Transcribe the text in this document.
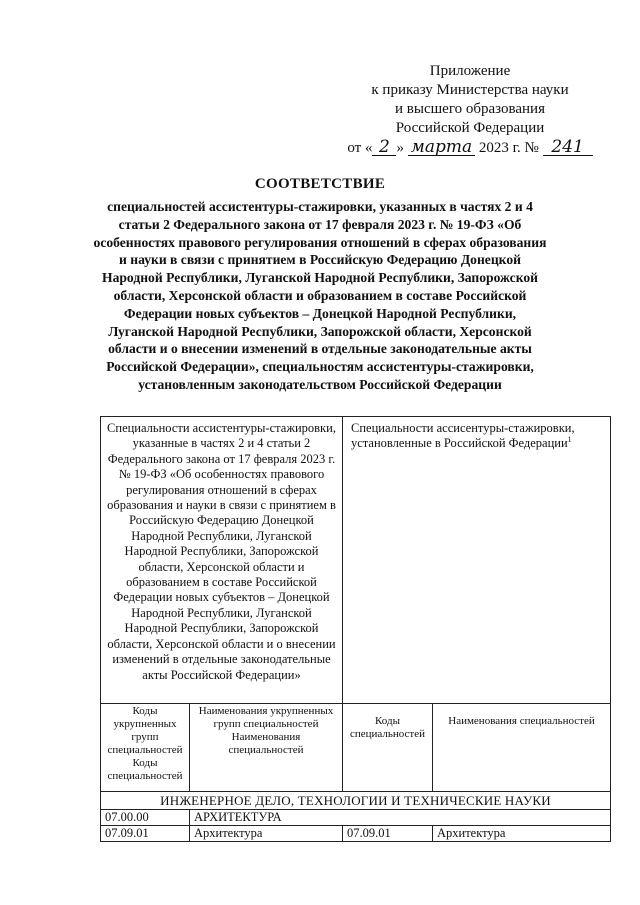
Приложение
к приказу Министерства науки
и высшего образования
Российской Федерации
от « 2 » марта 2023 г. № 241
СООТВЕТСТВИЕ
специальностей ассистентуры-стажировки, указанных в частях 2 и 4 статьи 2 Федерального закона от 17 февраля 2023 г. № 19-ФЗ «Об особенностях правового регулирования отношений в сферах образования и науки в связи с принятием в Российскую Федерацию Донецкой Народной Республики, Луганской Народной Республики, Запорожской области, Херсонской области и образованием в составе Российской Федерации новых субъектов – Донецкой Народной Республики, Луганской Народной Республики, Запорожской области, Херсонской области и о внесении изменений в отдельные законодательные акты Российской Федерации», специальностям ассистентуры-стажировки, установленным законодательством Российской Федерации
Специальности ассистентуры-стажировки, указанные в частях 2 и 4 статьи 2 Федерального закона от 17 февраля 2023 г. № 19-ФЗ «Об особенностях правового регулирования отношений в сферах образования и науки в связи с принятием в Российскую Федерацию Донецкой Народной Республики, Луганской Народной Республики, Запорожской области, Херсонской области и образованием в составе Российской Федерации новых субъектов – Донецкой Народной Республики, Луганской Народной Республики, Запорожской области, Херсонской области и о внесении изменений в отдельные законодательные акты Российской Федерации»		Специальности ассисентуры-стажировки, установленные в Российской Федерации$^1$
Коды укрупненных групп специальностей Коды специальностей	Наименования укрупненных групп специальностей Наименования специальностей	Коды специальностей	Наименования специальностей
ИНЖЕНЕРНОЕ ДЕЛО, ТЕХНОЛОГИИ И ТЕХНИЧЕСКИЕ НАУКИ			
07.00.00	АРХИТЕКТУРА		
07.09.01	Архитектура	07.09.01	Архитектура
